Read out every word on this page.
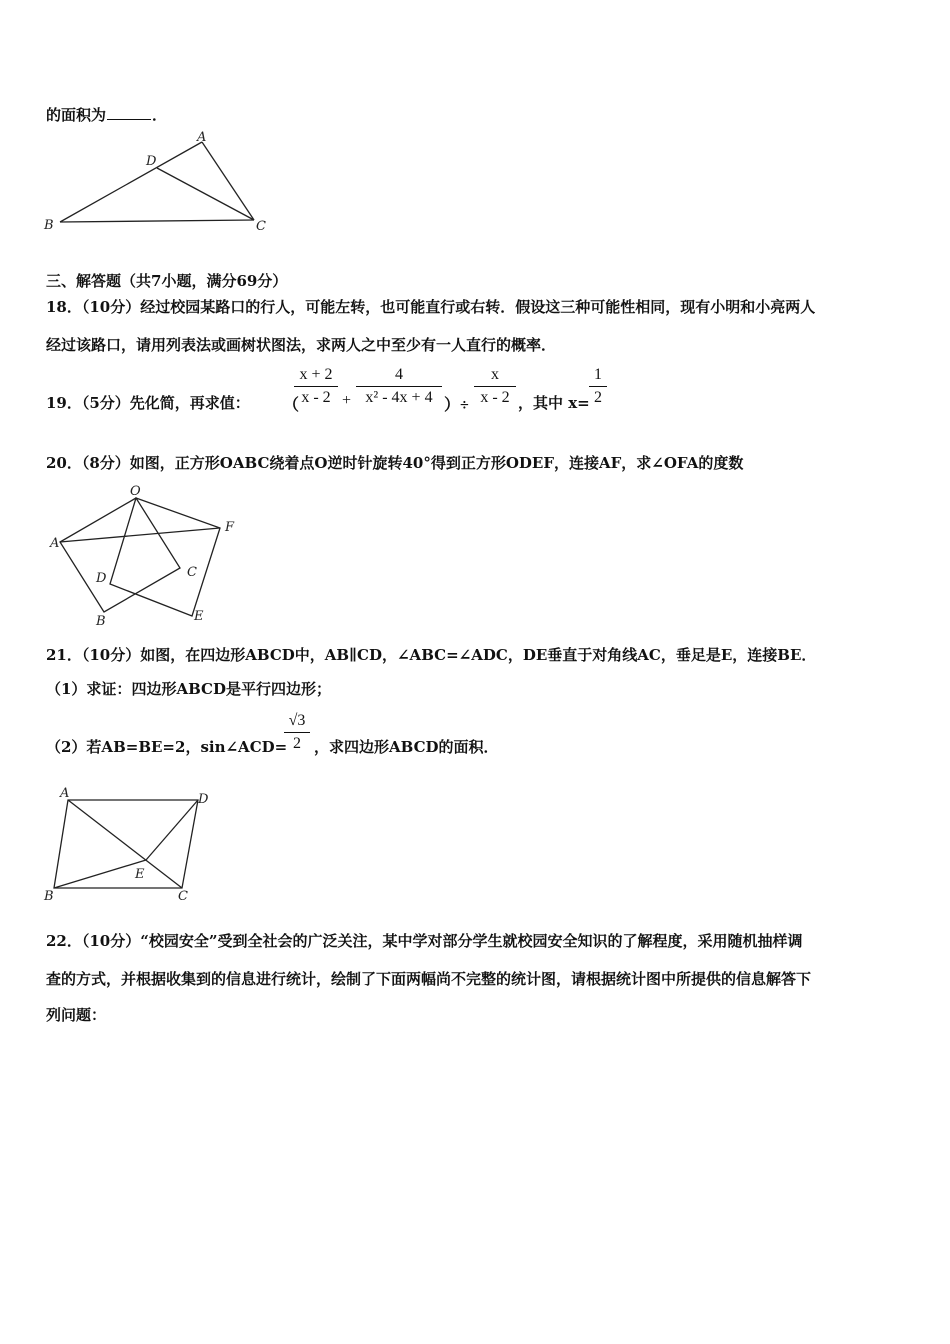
的面积为	．
A
D
B	C
三、解答题（共7小题，满分69分）
18．（10分）经过校园某路口的行人，可能左转，也可能直行或右转．假设这三种可能性相同，现有小明和小亮两人
经过该路口，请用列表法或画树状图法，求两人之中至少有一人直行的概率．
19．（5分）先化简，再求值： （
$\frac{x + 2}{x - 2} + \frac{4}{\text{x² - 4x + 4}}$ ）÷ $\frac{x}{x - 2}$ ，其中 $x= \frac{1}{2}$
20．（8分）如图，正方形OABC绕着点O逆时针旋转40°得到正方形ODEF，连接AF，求∠OFA的度数
O
A
F
D	C
B	E
21．（10分）如图，在四边形ABCD中，AB∥CD，∠ABC=∠ADC，DE垂直于对角线AC，垂足是E，连接BE．
（1）求证：四边形ABCD是平行四边形；
（2）若AB=BE=2，sin∠ACD=
$\frac{√3}{2}$ ，求四边形ABCD的面积．
A	D
B	C
E
22．（10分）“校园安全”受到全社会的广泛关注，某中学对部分学生就校园安全知识的了解程度，采用随机抽样调
查的方式，并根据收集到的信息进行统计，绘制了下面两幅尚不完整的统计图，请根据统计图中所提供的信息解答下
列问题：
